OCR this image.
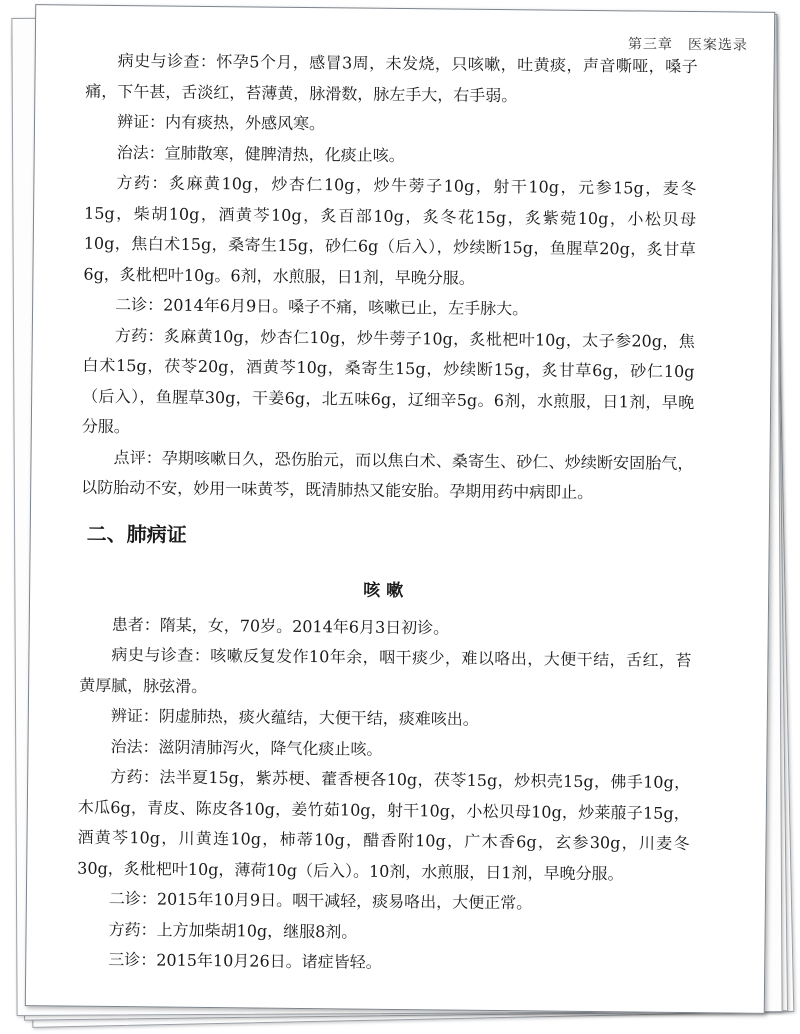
第三章　医案选录

病史与诊查：怀孕5个月，感冒3周，未发烧，只咳嗽，吐黄痰，声音嘶哑，嗓子痛，下午甚，舌淡红，苔薄黄，脉滑数，脉左手大，右手弱。

辨证：内有痰热，外感风寒。

治法：宣肺散寒，健脾清热，化痰止咳。

方药：炙麻黄10g，炒杏仁10g，炒牛蒡子10g，射干10g，元参15g，麦冬15g，柴胡10g，酒黄芩10g，炙百部10g，炙冬花15g，炙紫菀10g，小松贝母10g，焦白术15g，桑寄生15g，砂仁6g（后入），炒续断15g，鱼腥草20g，炙甘草6g，炙枇杷叶10g。6剂，水煎服，日1剂，早晚分服。

二诊：2014年6月9日。嗓子不痛，咳嗽已止，左手脉大。

方药：炙麻黄10g，炒杏仁10g，炒牛蒡子10g，炙枇杷叶10g，太子参20g，焦白术15g，茯苓20g，酒黄芩10g，桑寄生15g，炒续断15g，炙甘草6g，砂仁10g（后入），鱼腥草30g，干姜6g，北五味6g，辽细辛5g。6剂，水煎服，日1剂，早晚分服。

点评：孕期咳嗽日久，恐伤胎元，而以焦白术、桑寄生、砂仁、炒续断安固胎气，以防胎动不安，妙用一味黄芩，既清肺热又能安胎。孕期用药中病即止。

二、肺病证
咳嗽

患者：隋某，女，70岁。2014年6月3日初诊。

病史与诊查：咳嗽反复发作10年余，咽干痰少，难以咯出，大便干结，舌红，苔黄厚腻，脉弦滑。

辨证：阴虚肺热，痰火蕴结，大便干结，痰难咳出。

治法：滋阴清肺泻火，降气化痰止咳。

方药：法半夏15g，紫苏梗、藿香梗各10g，茯苓15g，炒枳壳15g，佛手10g，木瓜6g，青皮、陈皮各10g，姜竹茹10g，射干10g，小松贝母10g，炒莱菔子15g，酒黄芩10g，川黄连10g，柿蒂10g，醋香附10g，广木香6g，玄参30g，川麦冬30g，炙枇杷叶10g，薄荷10g（后入）。10剂，水煎服，日1剂，早晚分服。

二诊：2015年10月9日。咽干减轻，痰易咯出，大便正常。

方药：上方加柴胡10g，继服8剂。

三诊：2015年10月26日。诸症皆轻。
